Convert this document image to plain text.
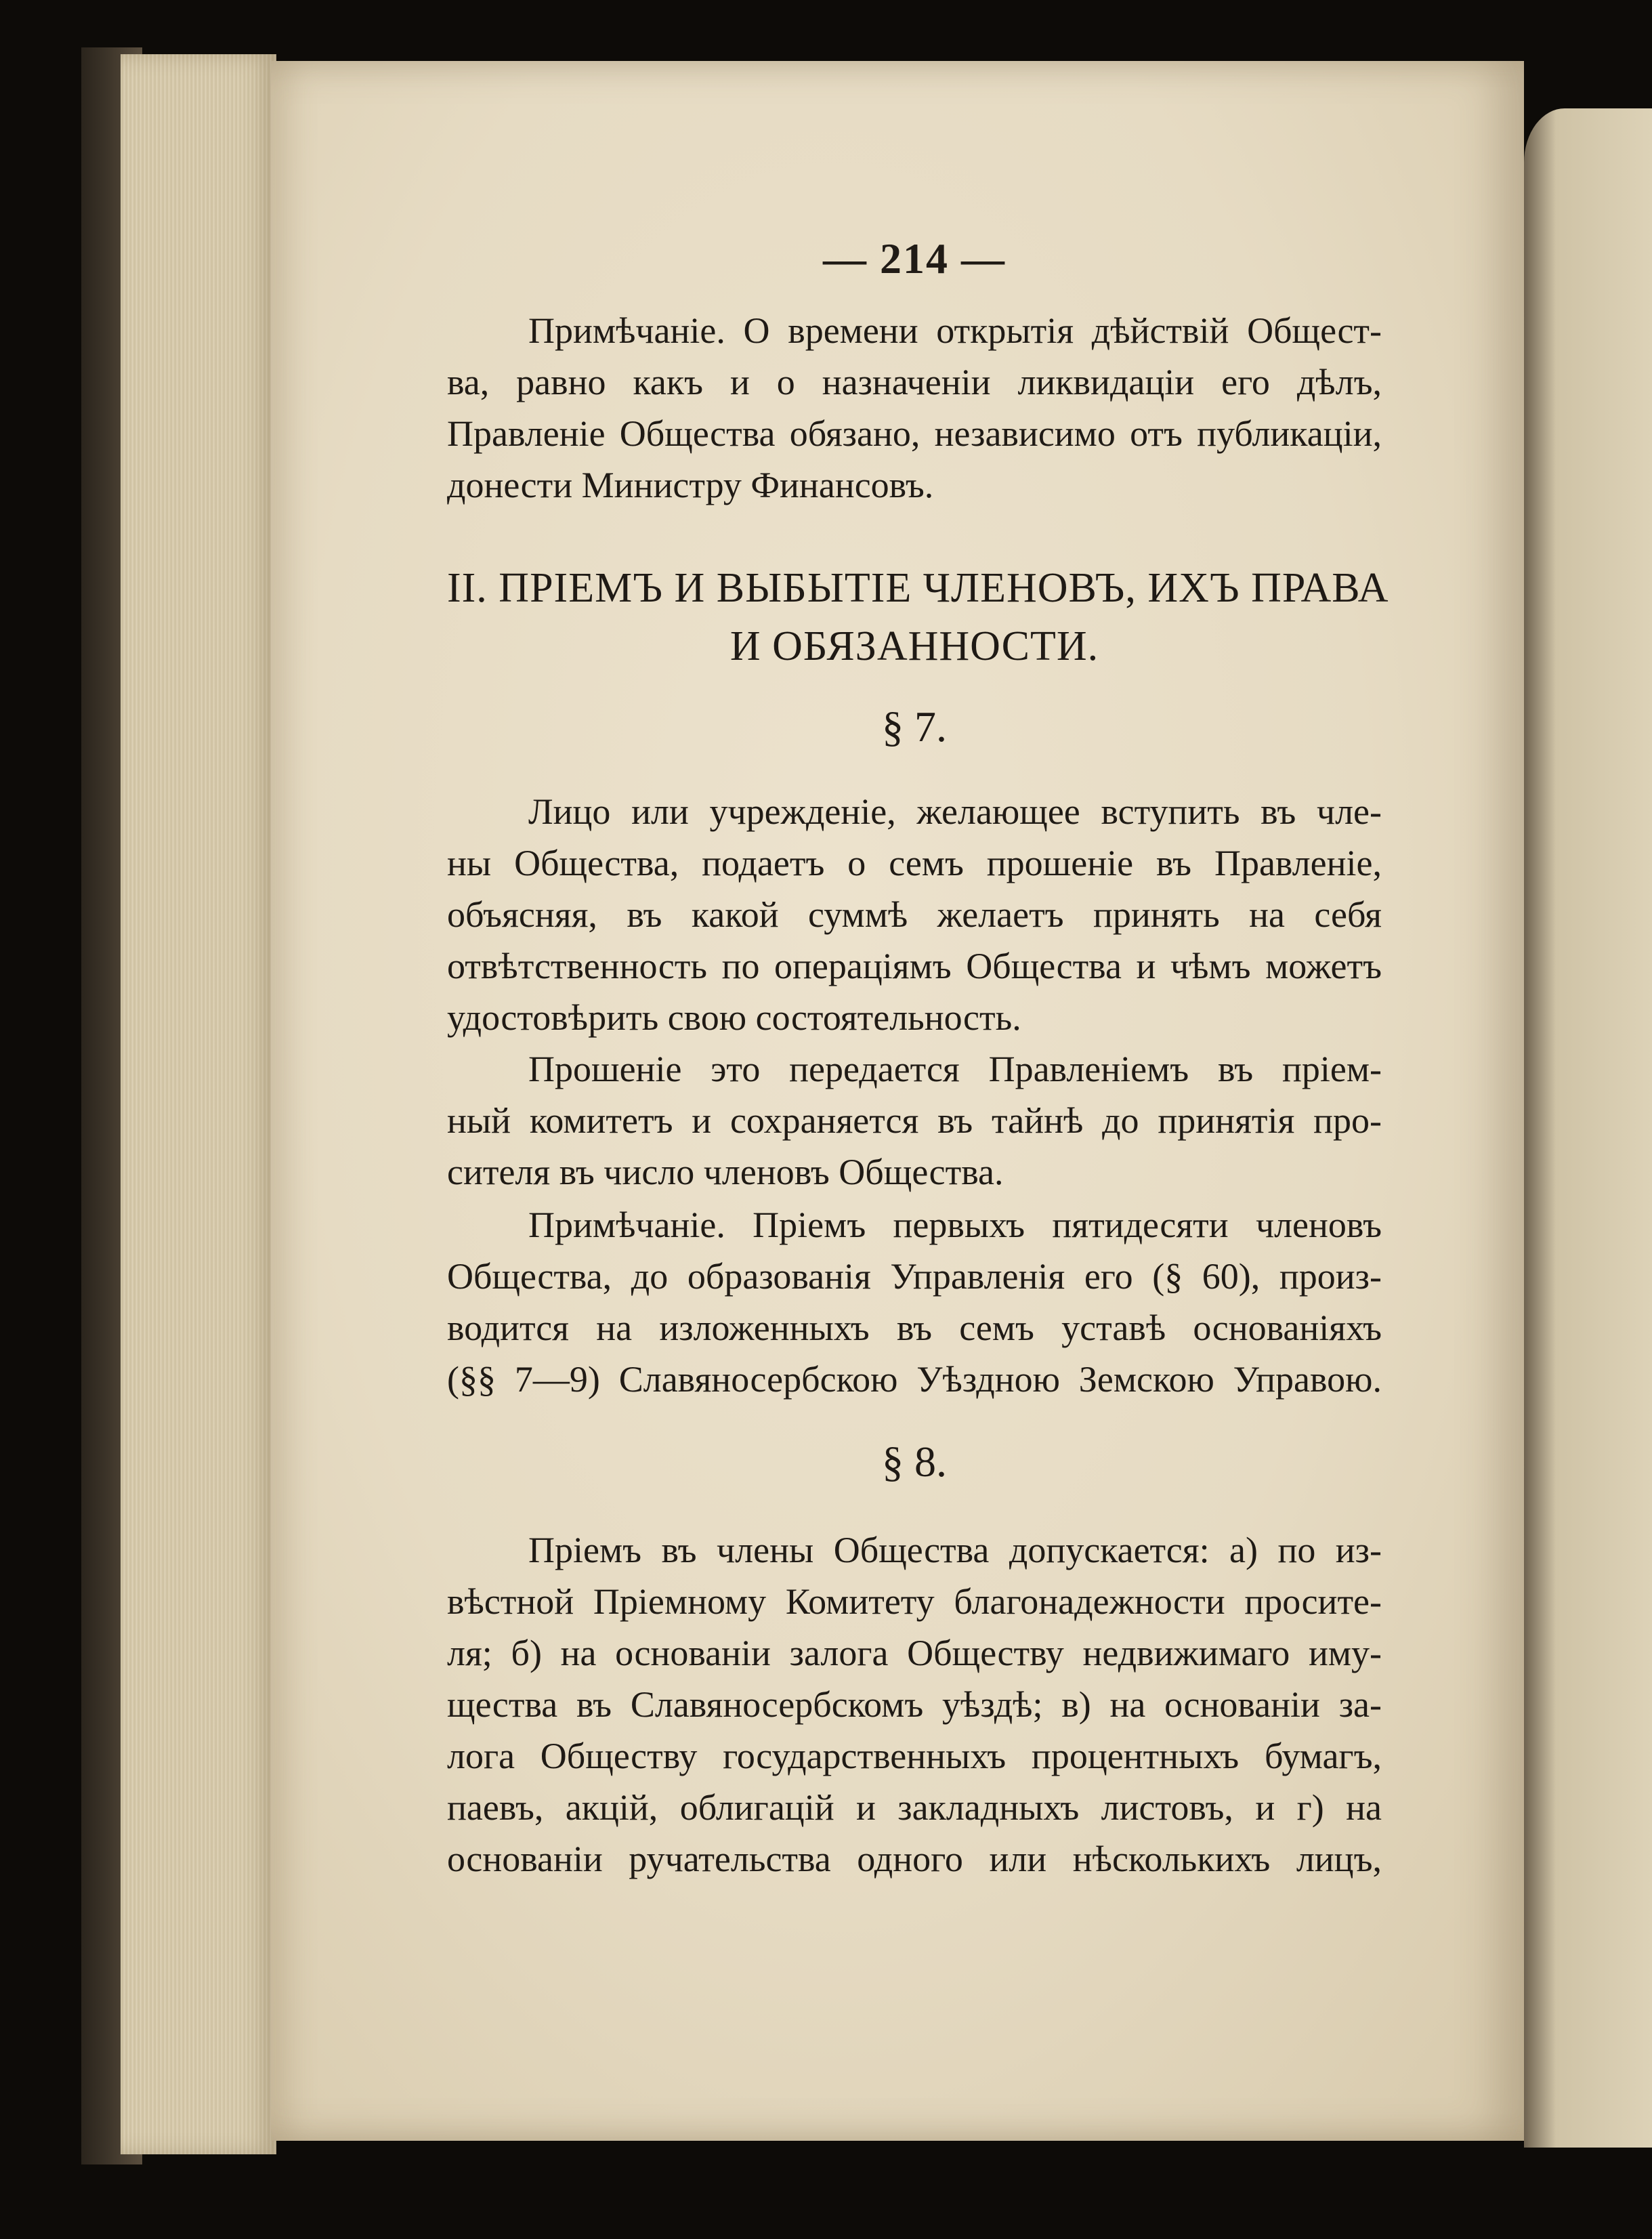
— 214 —
Примѣчаніе. О времени открытія дѣйствій Общест-
ва, равно какъ и о назначеніи ликвидаціи его дѣлъ,
Правленіе Общества обязано, независимо отъ публикаціи,
донести Министру Финансовъ.
II. ПРІЕМЪ И ВЫБЫТІЕ ЧЛЕНОВЪ, ИХЪ ПРАВА
И ОБЯЗАННОСТИ.
§ 7.
Лицо или учрежденіе, желающее вступить въ чле-
ны Общества, подаетъ о семъ прошеніе въ Правленіе,
объясняя, въ какой суммѣ желаетъ принять на себя
отвѣтственность по операціямъ Общества и чѣмъ можетъ
удостовѣрить свою состоятельность.
Прошеніе это передается Правленіемъ въ пріем-
ный комитетъ и сохраняется въ тайнѣ до принятія про-
сителя въ число членовъ Общества.
Примѣчаніе. Пріемъ первыхъ пятидесяти членовъ
Общества, до образованія Управленія его (§ 60), произ-
водится на изложенныхъ въ семъ уставѣ основаніяхъ
(§§ 7—9) Славяносербскою Уѣздною Земскою Управою.
§ 8.
Пріемъ въ члены Общества допускается: а) по из-
вѣстной Пріемному Комитету благонадежности просите-
ля; б) на основаніи залога Обществу недвижимаго иму-
щества въ Славяносербскомъ уѣздѣ; в) на основаніи за-
лога Обществу государственныхъ процентныхъ бумагъ,
паевъ, акцій, облигацій и закладныхъ листовъ, и г) на
основаніи ручательства одного или нѣсколькихъ лицъ,
